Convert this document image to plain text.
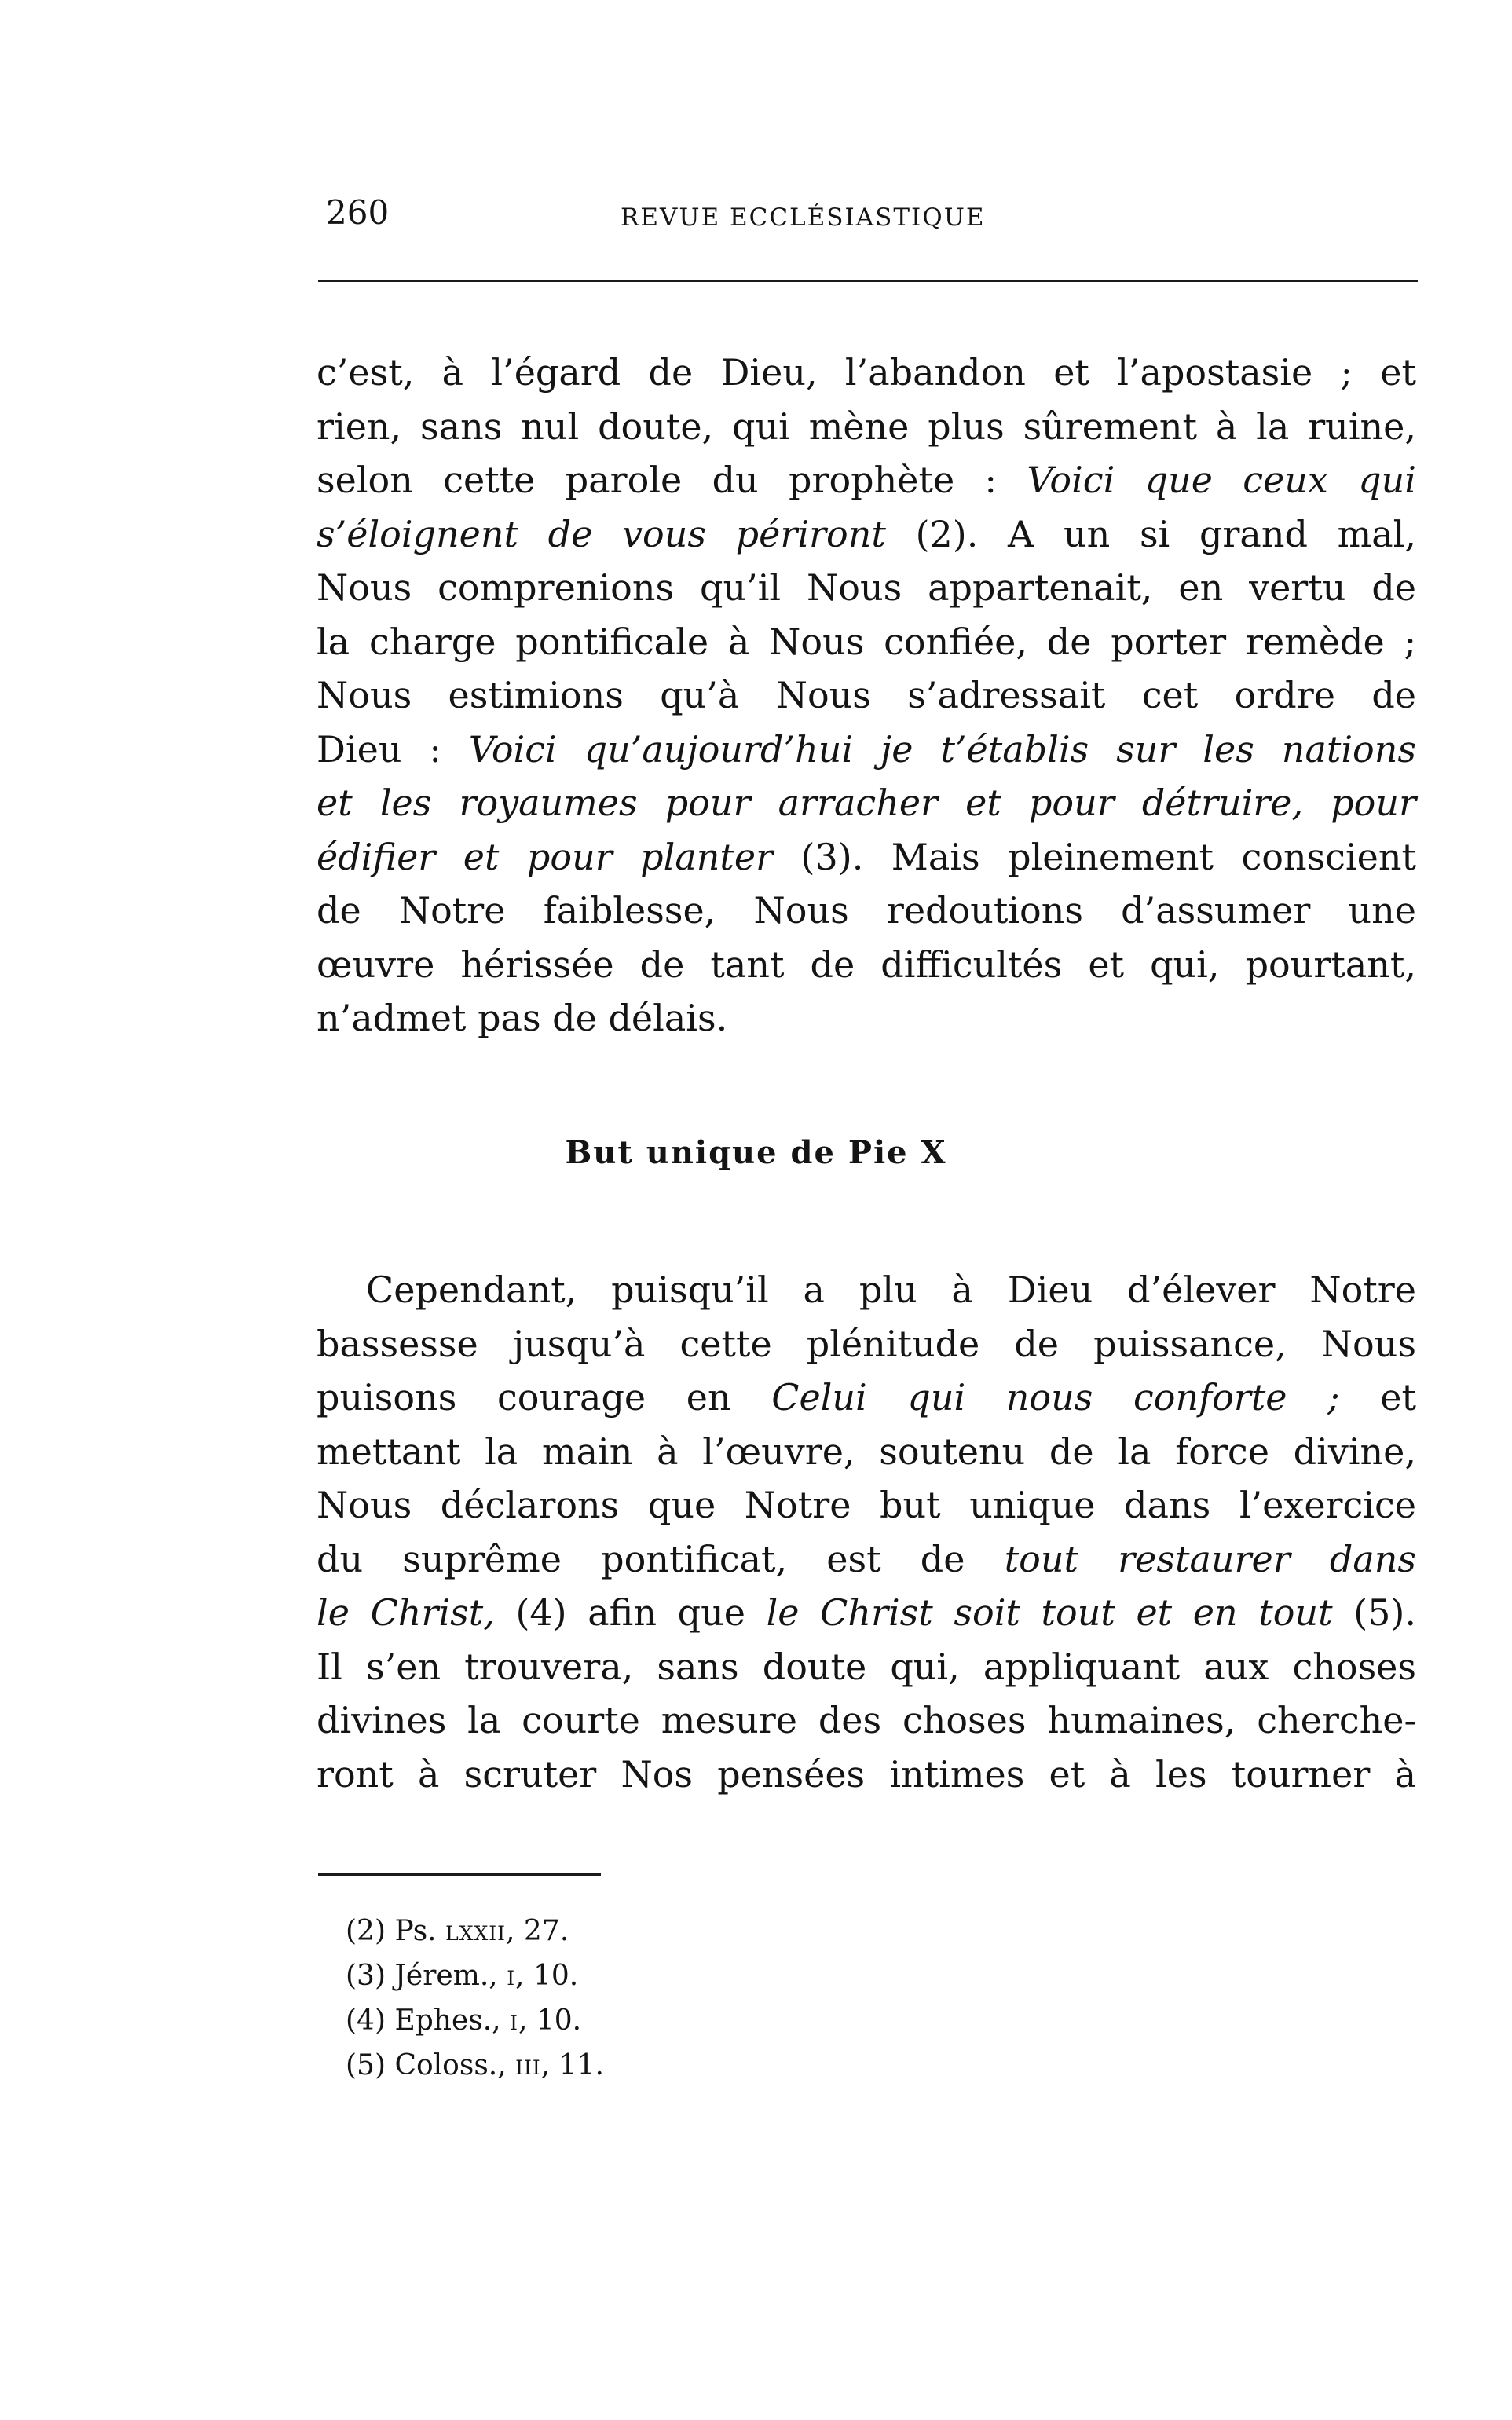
260	REVUE ECCLÉSIASTIQUE
c’est, à l’égard de Dieu, l’abandon et l’apostasie ; et
rien, sans nul doute, qui mène plus sûrement à la ruine,
selon cette parole du prophète : Voici que ceux qui
s’éloignent de vous périront (2). A un si grand mal,
Nous comprenions qu’il Nous appartenait, en vertu de
la charge pontificale à Nous confiée, de porter remède ;
Nous estimions qu’à Nous s’adressait cet ordre de
Dieu : Voici qu’aujourd’hui je t’établis sur les nations
et les royaumes pour arracher et pour détruire, pour
édifier et pour planter (3). Mais pleinement conscient
de Notre faiblesse, Nous redoutions d’assumer une
œuvre hérissée de tant de difficultés et qui, pourtant,
n’admet pas de délais.
But unique de Pie X
Cependant, puisqu’il a plu à Dieu d’élever Notre
bassesse jusqu’à cette plénitude de puissance, Nous
puisons courage en Celui qui nous conforte ; et
mettant la main à l’œuvre, soutenu de la force divine,
Nous déclarons que Notre but unique dans l’exercice
du suprême pontificat, est de tout restaurer dans
le Christ, (4) afin que le Christ soit tout et en tout (5).
Il s’en trouvera, sans doute qui, appliquant aux choses
divines la courte mesure des choses humaines, cherche-
ront à scruter Nos pensées intimes et à les tourner à
(2) Ps. lxxii, 27.
(3) Jérem., i, 10.
(4) Ephes., i, 10.
(5) Coloss., iii, 11.
